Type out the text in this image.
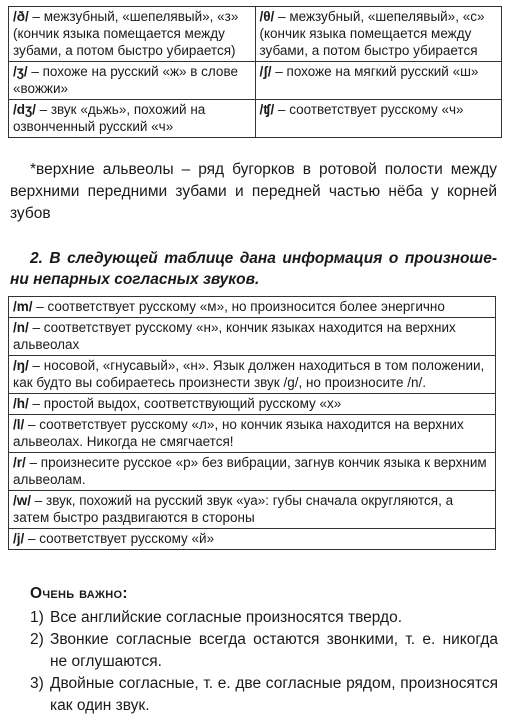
/ð/ – межзубный, «шепелявый», «з» (кончик языка помещается между зубами, а потом быстро убирается)	/θ/ – межзубный, «шепелявый», «с» (кончик языка помещается между зубами, а потом быстро убирается
/ʒ/ – похоже на русский «ж» в слове «вожжи»	/ʃ/ – похоже на мягкий русский «ш»
/dʒ/ – звук «дьжь», похожий на озвонченный русский «ч»	/ʧ/ – соответствует русскому «ч»
*верхние альвеолы – ряд бугорков в ротовой полости между верхними передними зубами и передней частью нёба у корней зубов
2. В следующей таблице дана информация о произноше-ни непарных согласных звуков.
/m/ – соответствует русскому «м», но произносится более энергично
/n/ – соответствует русскому «н», кончик языках находится на верхних альвеолах
/ŋ/ – носовой, «гнусавый», «н». Язык должен находиться в том положении, как будто вы собираетесь произнести звук /g/, но произносите /n/.
/h/ – простой выдох, соответствующий русскому «х»
/l/ – соответствует русскому «л», но кончик языка находится на верхних альвеолах. Никогда не смягчается!
/r/ – произнесите русское «р» без вибрации, загнув кончик языка к верхним альвеолам.
/w/ – звук, похожий на русский звук «уа»: губы сначала округляются, а затем быстро раздвигаются в стороны
/j/ – соответствует русскому «й»
Очень важно:
1) Все английские согласные произносятся твердо.
2) Звонкие согласные всегда остаются звонкими, т. е. никогда не оглушаются.
3) Двойные согласные, т. е. две согласные рядом, произносятся как один звук.
